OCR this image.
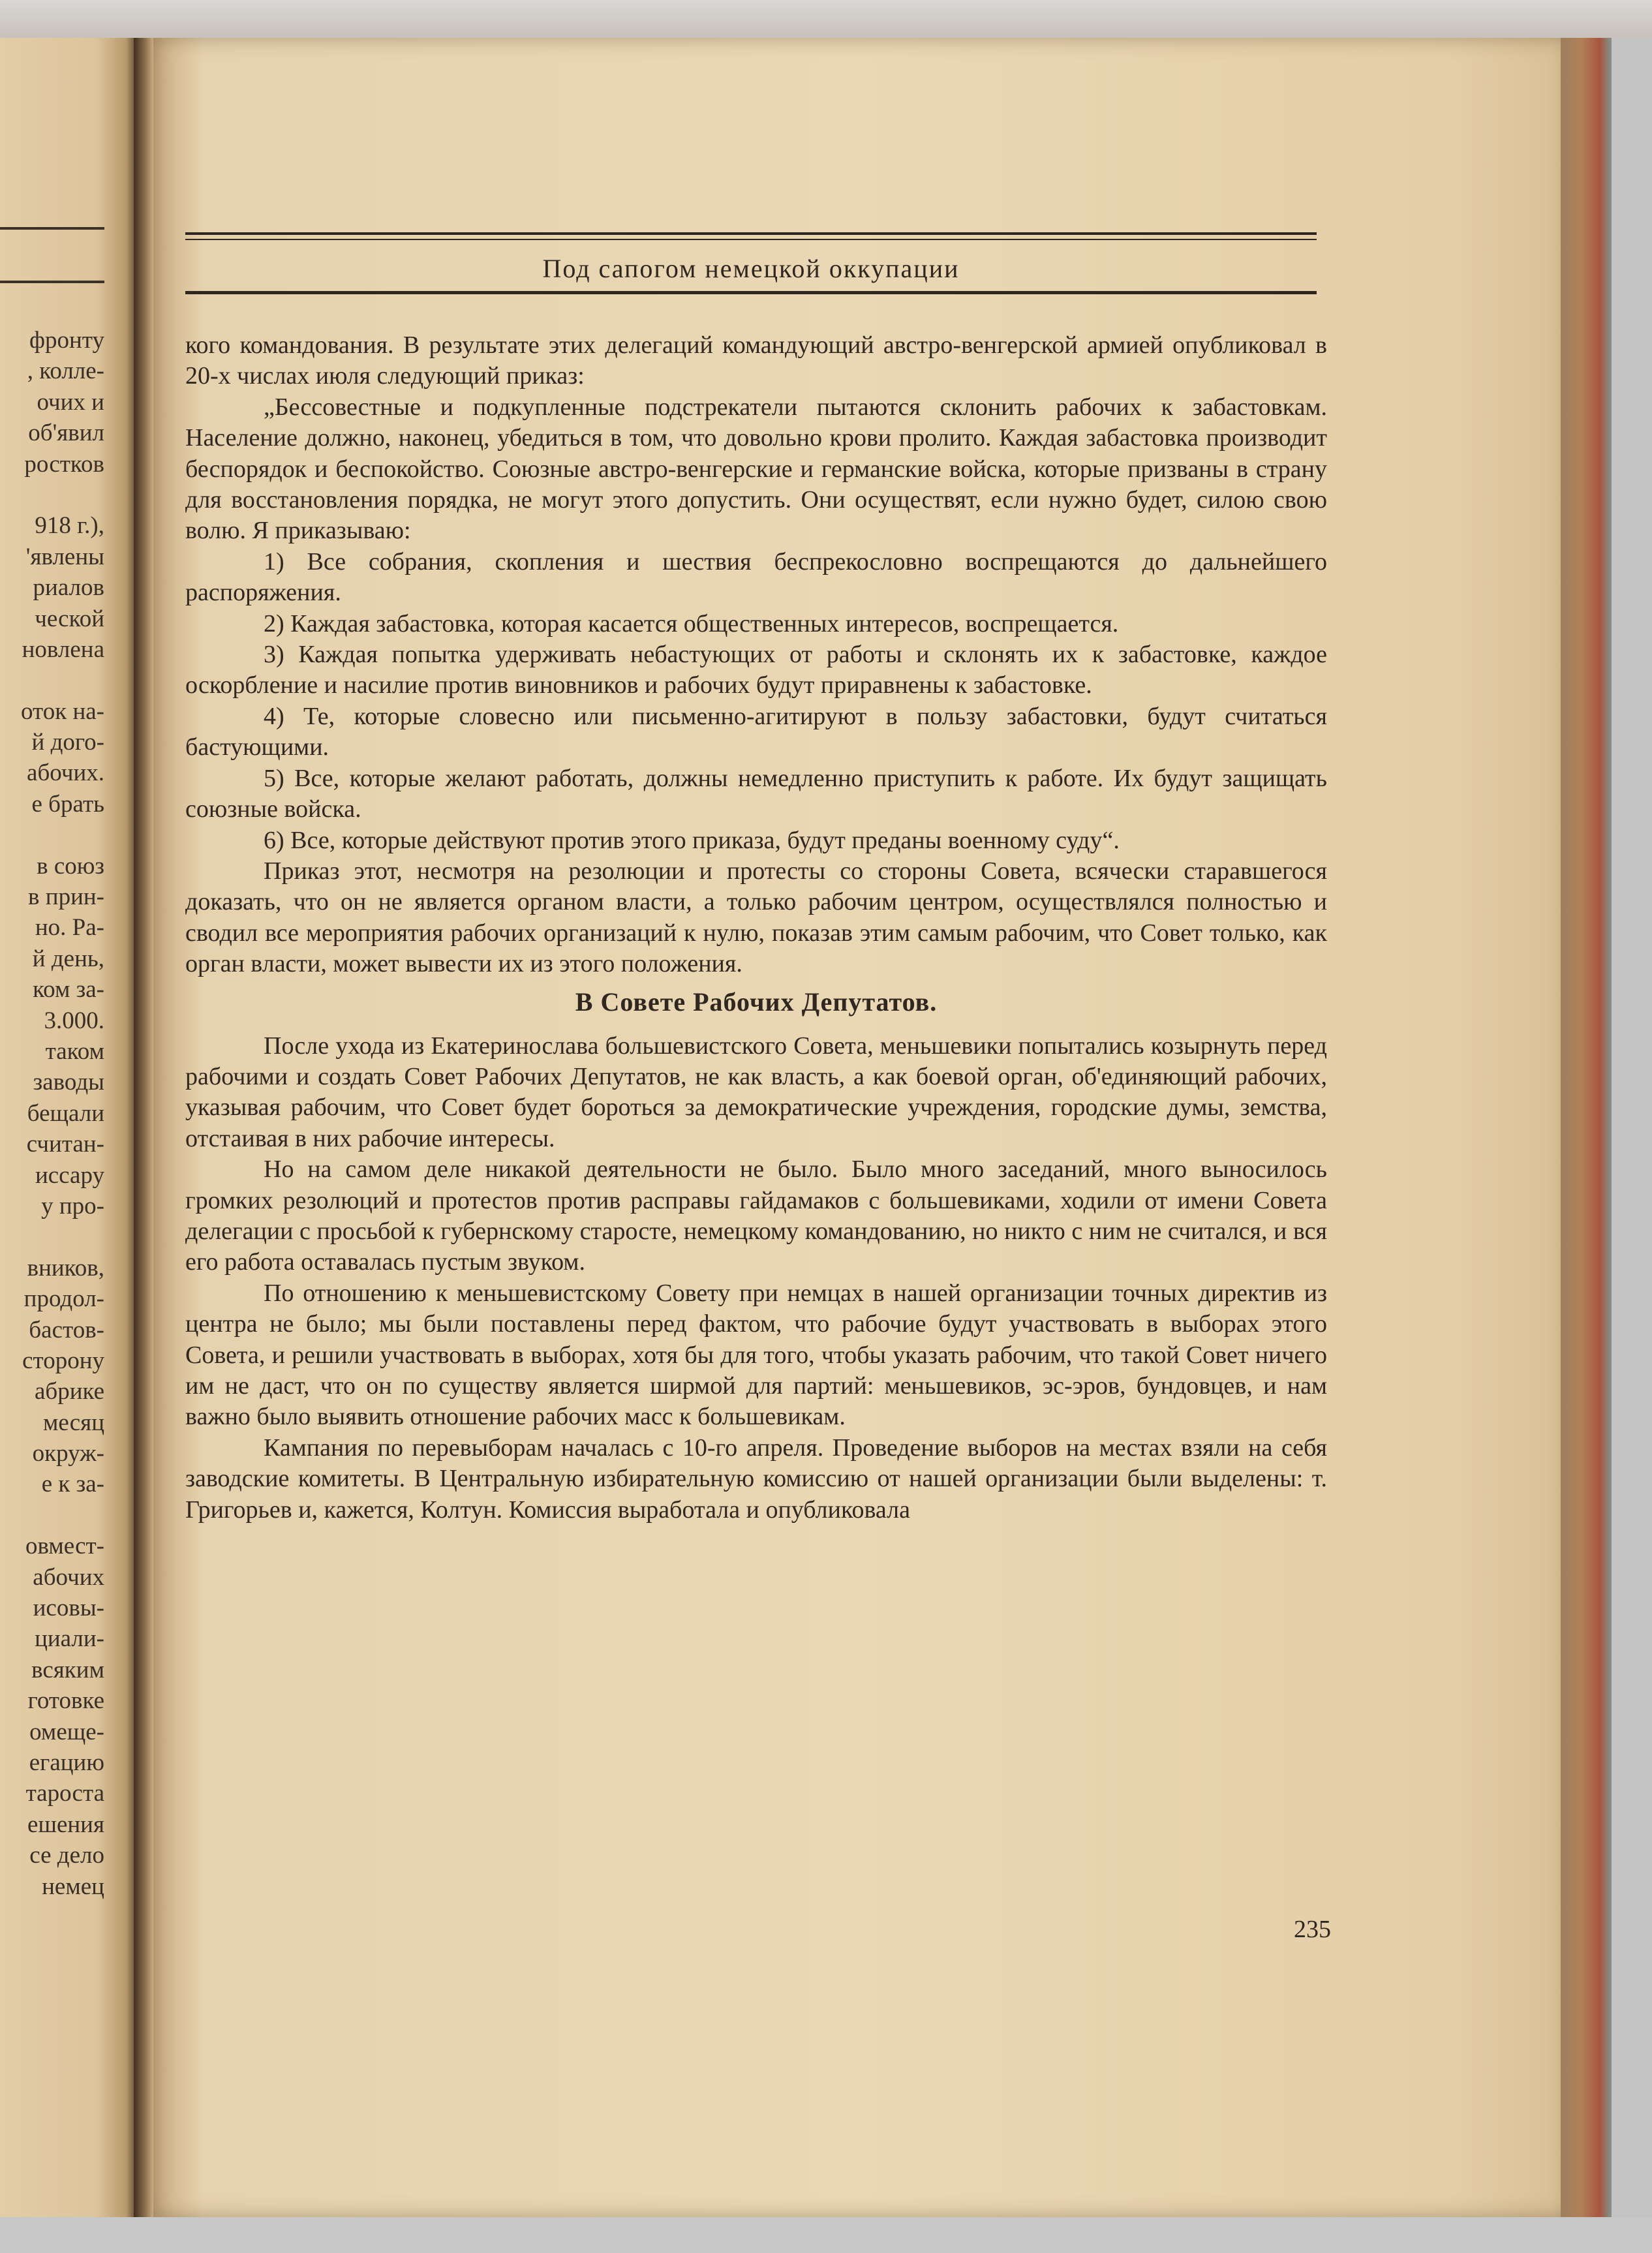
фронту
, колле-
очих и
об'явил
ростков
918 г.),
'явлены
риалов
ческой
новлена
оток на-
й дого-
абочих.
е брать
в союз
в прин-
но. Ра-
й день,
ком за-
3.000.
таком
заводы
бещали
считан-
иссару
у про-
вников,
продол-
бастов-
сторону
абрике
месяц
окруж-
е к за-
овмест-
абочих
исовы-
циали-
всяким
готовке
омеще-
егацию
тароста
ешения
се дело
немец
Под сапогом немецкой оккупации

кого командования. В результате этих делегаций командующий австро-венгерской армией опубликовал в 20-х числах июля следующий приказ:

„Бессовестные и подкупленные подстрекатели пытаются склонить рабочих к забастовкам. Население должно, наконец, убедиться в том, что довольно крови пролито. Каждая забастовка производит беспорядок и беспокойство. Союзные австро-венгерские и германские войска, которые призваны в страну для восстановления порядка, не могут этого допустить. Они осуществят, если нужно будет, силою свою волю. Я приказываю:

1) Все собрания, скопления и шествия беспрекословно воспрещаются до дальнейшего распоряжения.

2) Каждая забастовка, которая касается общественных интересов, воспрещается.

3) Каждая попытка удерживать небастующих от работы и склонять их к забастовке, каждое оскорбление и насилие против виновников и рабочих будут приравнены к забастовке.

4) Те, которые словесно или письменно-агитируют в пользу забастовки, будут считаться бастующими.

5) Все, которые желают работать, должны немедленно приступить к работе. Их будут защищать союзные войска.

6) Все, которые действуют против этого приказа, будут преданы военному суду“.

Приказ этот, несмотря на резолюции и протесты со стороны Совета, всячески старавшегося доказать, что он не является органом власти, а только рабочим центром, осуществлялся полностью и сводил все мероприятия рабочих организаций к нулю, показав этим самым рабочим, что Совет только, как орган власти, может вывести их из этого положения.

В Совете Рабочих Депутатов.

После ухода из Екатеринослава большевистского Совета, меньшевики попытались козырнуть перед рабочими и создать Совет Рабочих Депутатов, не как власть, а как боевой орган, об'единяющий рабочих, указывая рабочим, что Совет будет бороться за демократические учреждения, городские думы, земства, отстаивая в них рабочие интересы.

Но на самом деле никакой деятельности не было. Было много заседаний, много выносилось громких резолюций и протестов против расправы гайдамаков с большевиками, ходили от имени Совета делегации с просьбой к губернскому старосте, немецкому командованию, но никто с ним не считался, и вся его работа оставалась пустым звуком.

По отношению к меньшевистскому Совету при немцах в нашей организации точных директив из центра не было; мы были поставлены перед фактом, что рабочие будут участвовать в выборах этого Совета, и решили участвовать в выборах, хотя бы для того, чтобы указать рабочим, что такой Совет ничего им не даст, что он по существу является ширмой для партий: меньшевиков, эс-эров, бундовцев, и нам важно было выявить отношение рабочих масс к большевикам.

Кампания по перевыборам началась с 10-го апреля. Проведение выборов на местах взяли на себя заводские комитеты. В Центральную избирательную комиссию от нашей организации были выделены: т. Григорьев и, кажется, Колтун. Комиссия выработала и опубликовала

235
